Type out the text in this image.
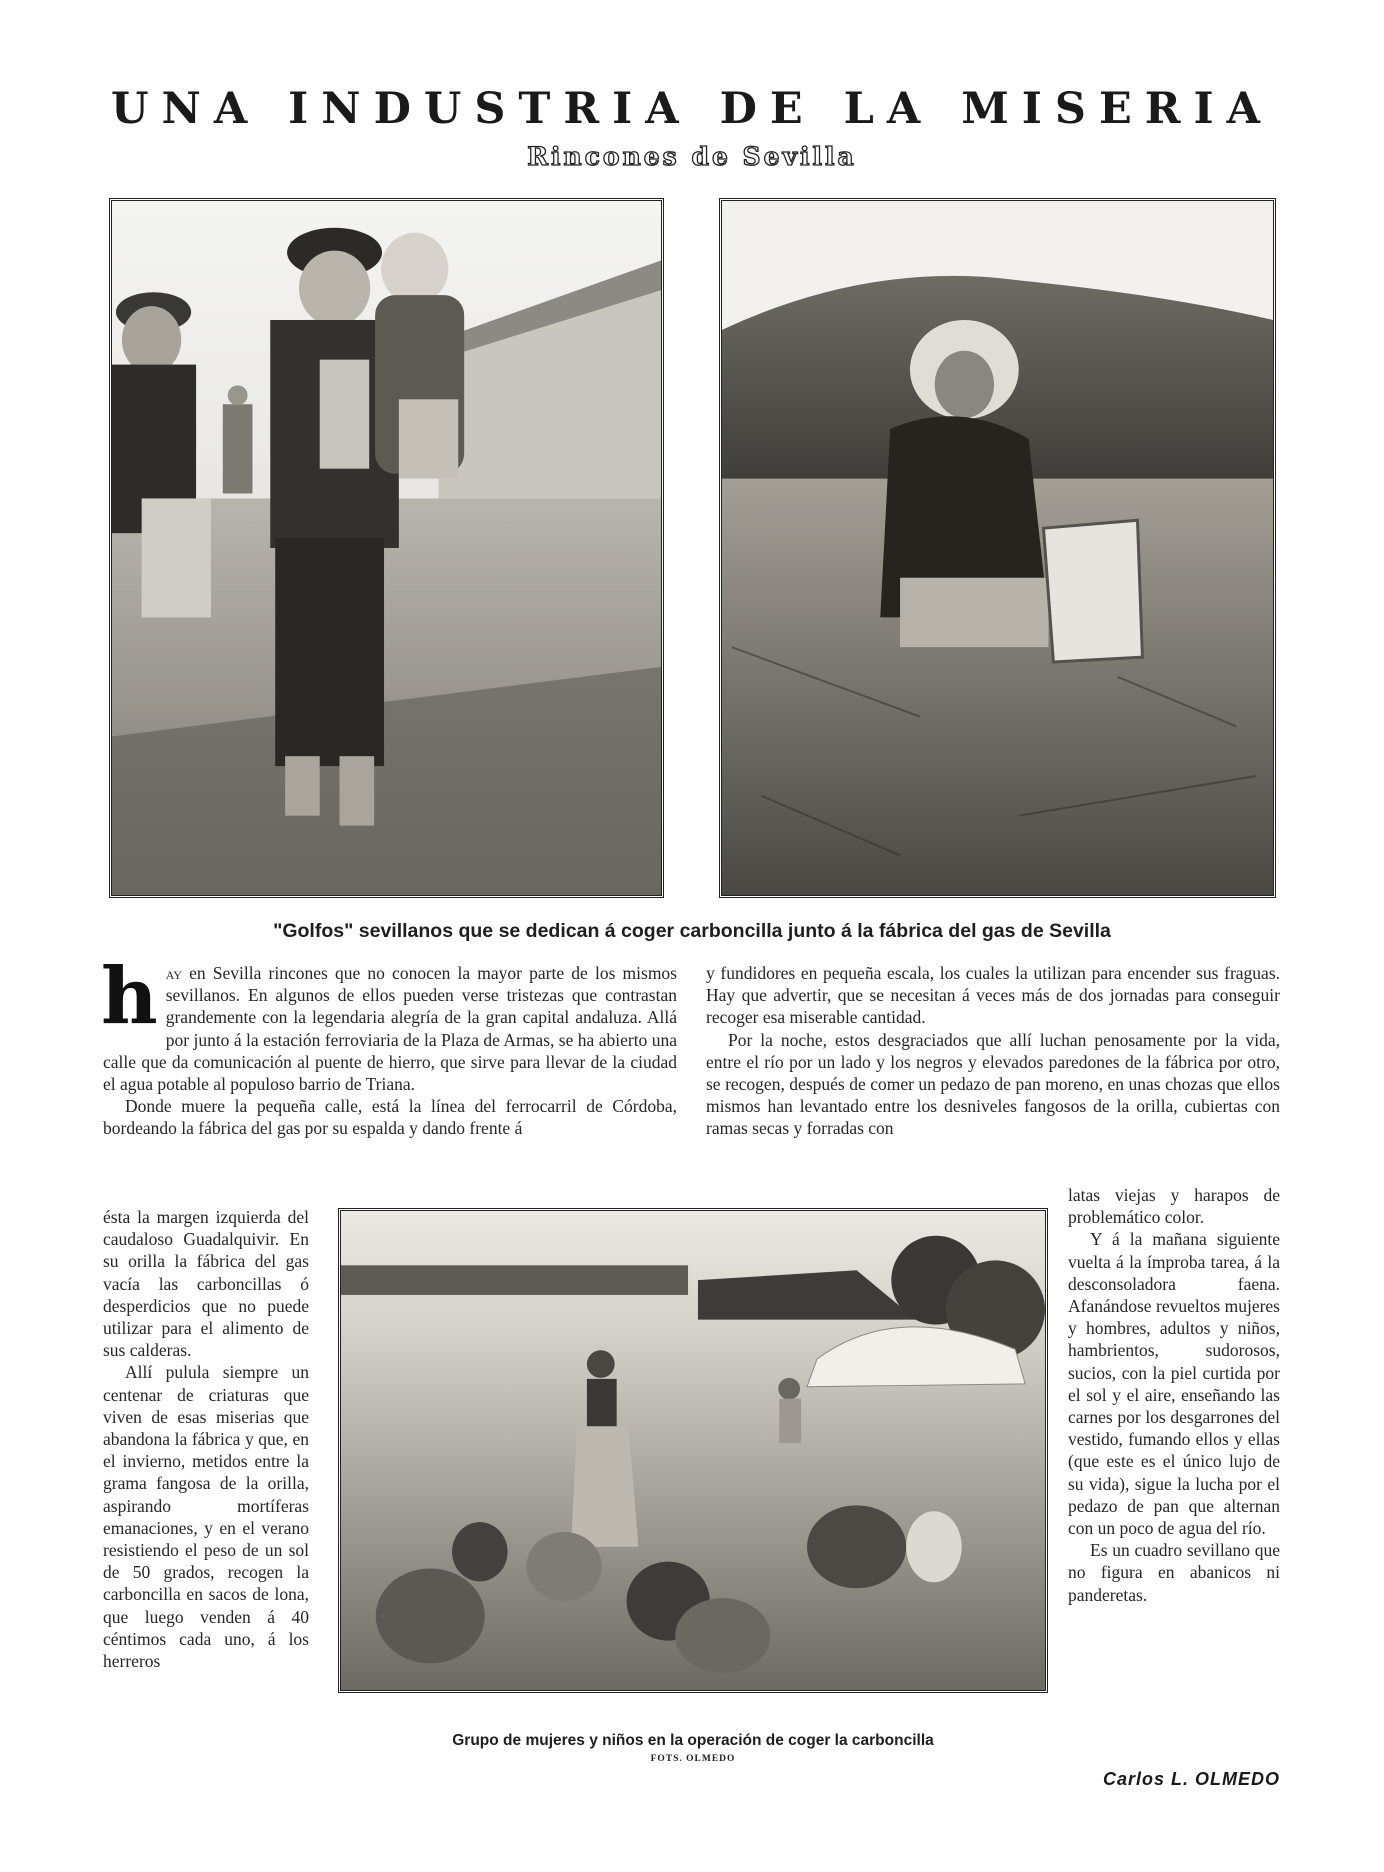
UNA INDUSTRIA DE LA MISERIA
Rincones de Sevilla
"Golfos" sevillanos que se dedican á coger carboncilla junto á la fábrica del gas de Sevilla

hay en Sevilla rincones que no conocen la mayor parte de los mismos sevillanos. En algunos de ellos pueden verse tristezas que contrastan grandemente con la legendaria alegría de la gran capital andaluza. Allá por junto á la estación ferroviaria de la Plaza de Armas, se ha abierto una calle que da comunicación al puente de hierro, que sirve para llevar de la ciudad el agua potable al populoso barrio de Triana.

Donde muere la pequeña calle, está la línea del ferrocarril de Córdoba, bordeando la fábrica del gas por su espalda y dando frente á

ésta la margen izquierda del caudaloso Guadalquivir. En su orilla la fábrica del gas vacía las carboncillas ó desperdicios que no puede utilizar para el alimento de sus calderas.

Allí pulula siempre un centenar de criaturas que viven de esas miserias que abandona la fábrica y que, en el invierno, metidos entre la grama fangosa de la orilla, aspirando mortíferas emanaciones, y en el verano resistiendo el peso de un sol de 50 grados, recogen la carboncilla en sacos de lona, que luego venden á 40 céntimos cada uno, á los herreros

y fundidores en pequeña escala, los cuales la utilizan para encender sus fraguas. Hay que advertir, que se necesitan á veces más de dos jornadas para conseguir recoger esa miserable cantidad.

Por la noche, estos desgraciados que allí luchan penosamente por la vida, entre el río por un lado y los negros y elevados paredones de la fábrica por otro, se recogen, después de comer un pedazo de pan moreno, en unas chozas que ellos mismos han levantado entre los desniveles fangosos de la orilla, cubiertas con ramas secas y forradas con

latas viejas y harapos de problemático color.

Y á la mañana siguiente vuelta á la ímproba tarea, á la desconsoladora faena. Afanándose revueltos mujeres y hombres, adultos y niños, hambrientos, sudorosos, sucios, con la piel curtida por el sol y el aire, enseñando las carnes por los desgarrones del vestido, fumando ellos y ellas (que este es el único lujo de su vida), sigue la lucha por el pedazo de pan que alternan con un poco de agua del río.

Es un cuadro sevillano que no figura en abanicos ni panderetas.

Grupo de mujeres y niños en la operación de coger la carboncilla
FOTS. OLMEDO
Carlos L. OLMEDO
